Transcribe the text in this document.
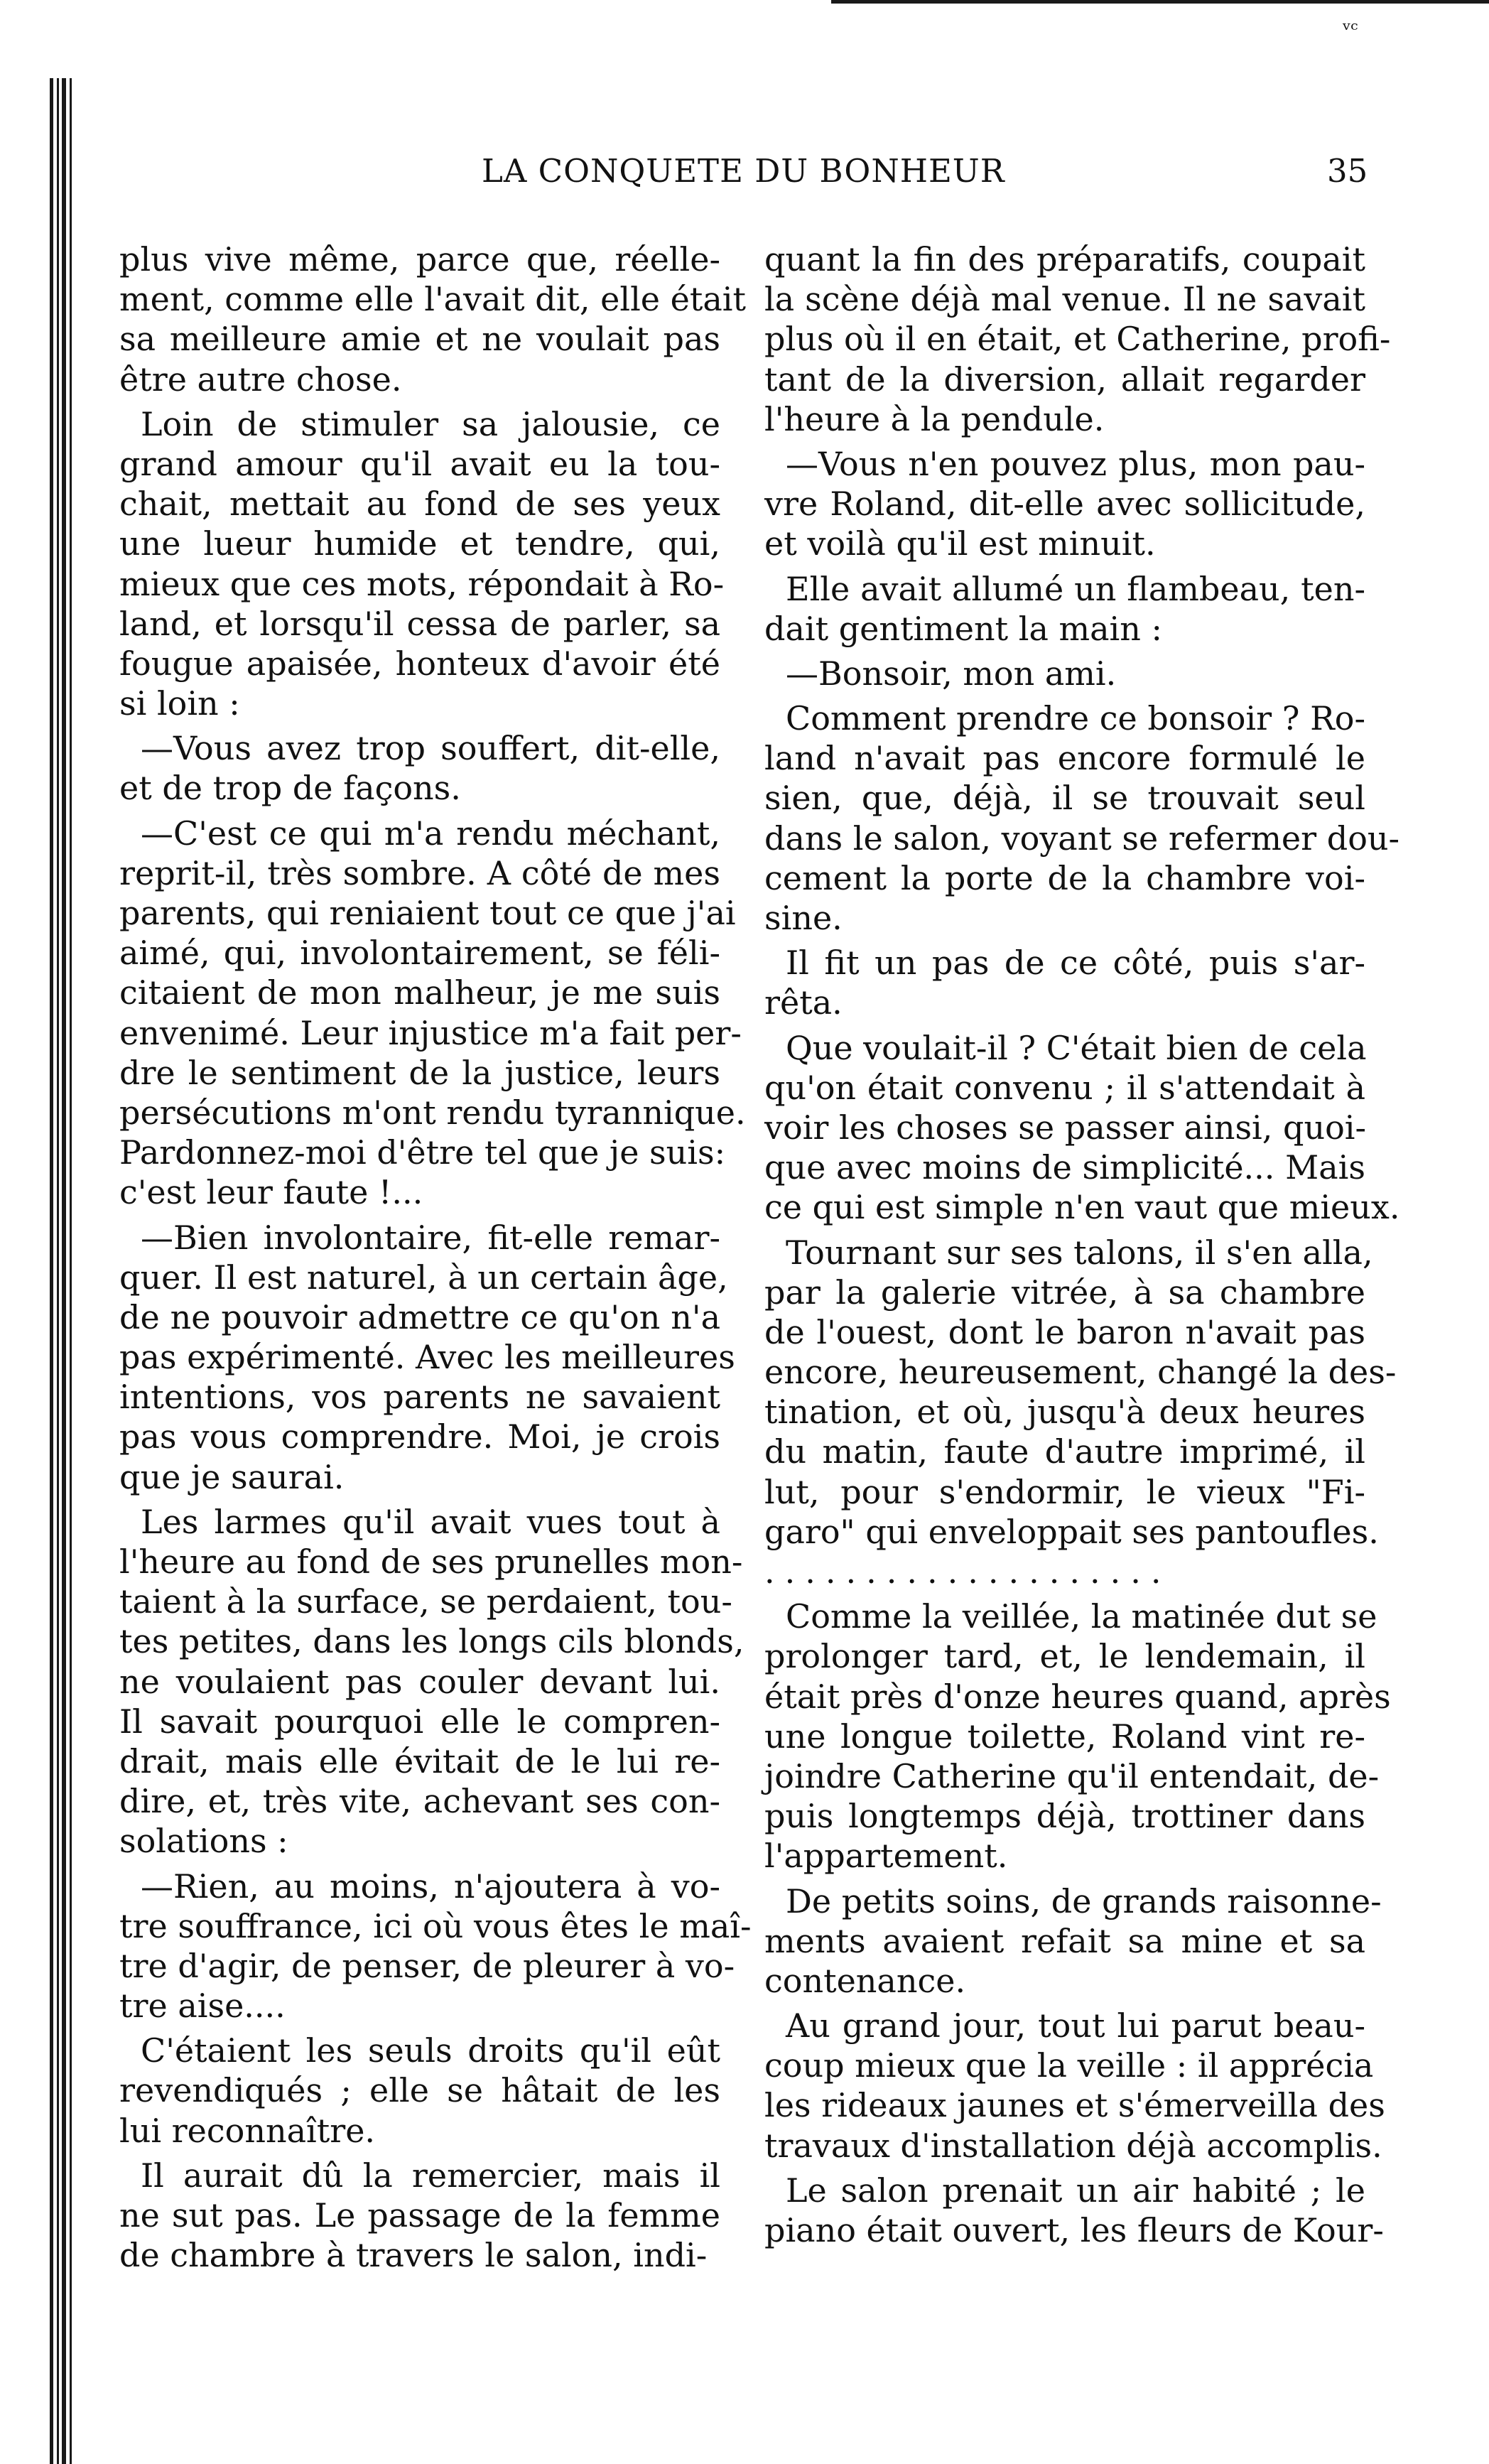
ᵛᶜ
LA CONQUETE DU BONHEUR	35

plus vive même, parce que, réelle-
ment, comme elle l'avait dit, elle était
sa meilleure amie et ne voulait pas
être autre chose.

Loin de stimuler sa jalousie, ce
grand amour qu'il avait eu la tou-
chait, mettait au fond de ses yeux
une lueur humide et tendre, qui,
mieux que ces mots, répondait à Ro-
land, et lorsqu'il cessa de parler, sa
fougue apaisée, honteux d'avoir été
si loin :

—Vous avez trop souffert, dit-elle,
et de trop de façons.

—C'est ce qui m'a rendu méchant,
reprit-il, très sombre. A côté de mes
parents, qui reniaient tout ce que j'ai
aimé, qui, involontairement, se féli-
citaient de mon malheur, je me suis
envenimé. Leur injustice m'a fait per-
dre le sentiment de la justice, leurs
persécutions m'ont rendu tyrannique.
Pardonnez-moi d'être tel que je suis:
c'est leur faute !...

—Bien involontaire, fit-elle remar-
quer. Il est naturel, à un certain âge,
de ne pouvoir admettre ce qu'on n'a
pas expérimenté. Avec les meilleures
intentions, vos parents ne savaient
pas vous comprendre. Moi, je crois
que je saurai.

Les larmes qu'il avait vues tout à
l'heure au fond de ses prunelles mon-
taient à la surface, se perdaient, tou-
tes petites, dans les longs cils blonds,
ne voulaient pas couler devant lui.
Il savait pourquoi elle le compren-
drait, mais elle évitait de le lui re-
dire, et, très vite, achevant ses con-
solations :

—Rien, au moins, n'ajoutera à vo-
tre souffrance, ici où vous êtes le maî-
tre d'agir, de penser, de pleurer à vo-
tre aise....

C'étaient les seuls droits qu'il eût
revendiqués ; elle se hâtait de les
lui reconnaître.

Il aurait dû la remercier, mais il
ne sut pas. Le passage de la femme
de chambre à travers le salon, indi-

quant la fin des préparatifs, coupait
la scène déjà mal venue. Il ne savait
plus où il en était, et Catherine, profi-
tant de la diversion, allait regarder
l'heure à la pendule.

—Vous n'en pouvez plus, mon pau-
vre Roland, dit-elle avec sollicitude,
et voilà qu'il est minuit.

Elle avait allumé un flambeau, ten-
dait gentiment la main :

—Bonsoir, mon ami.

Comment prendre ce bonsoir ? Ro-
land n'avait pas encore formulé le
sien, que, déjà, il se trouvait seul
dans le salon, voyant se refermer dou-
cement la porte de la chambre voi-
sine.

Il fit un pas de ce côté, puis s'ar-
rêta.

Que voulait-il ? C'était bien de cela
qu'on était convenu ; il s'attendait à
voir les choses se passer ainsi, quoi-
que avec moins de simplicité... Mais
ce qui est simple n'en vaut que mieux.

Tournant sur ses talons, il s'en alla,
par la galerie vitrée, à sa chambre
de l'ouest, dont le baron n'avait pas
encore, heureusement, changé la des-
tination, et où, jusqu'à deux heures
du matin, faute d'autre imprimé, il
lut, pour s'endormir, le vieux "Fi-
garo" qui enveloppait ses pantoufles.

....................

Comme la veillée, la matinée dut se
prolonger tard, et, le lendemain, il
était près d'onze heures quand, après
une longue toilette, Roland vint re-
joindre Catherine qu'il entendait, de-
puis longtemps déjà, trottiner dans
l'appartement.

De petits soins, de grands raisonne-
ments avaient refait sa mine et sa
contenance.

Au grand jour, tout lui parut beau-
coup mieux que la veille : il apprécia
les rideaux jaunes et s'émerveilla des
travaux d'installation déjà accomplis.

Le salon prenait un air habité ; le
piano était ouvert, les fleurs de Kour-
